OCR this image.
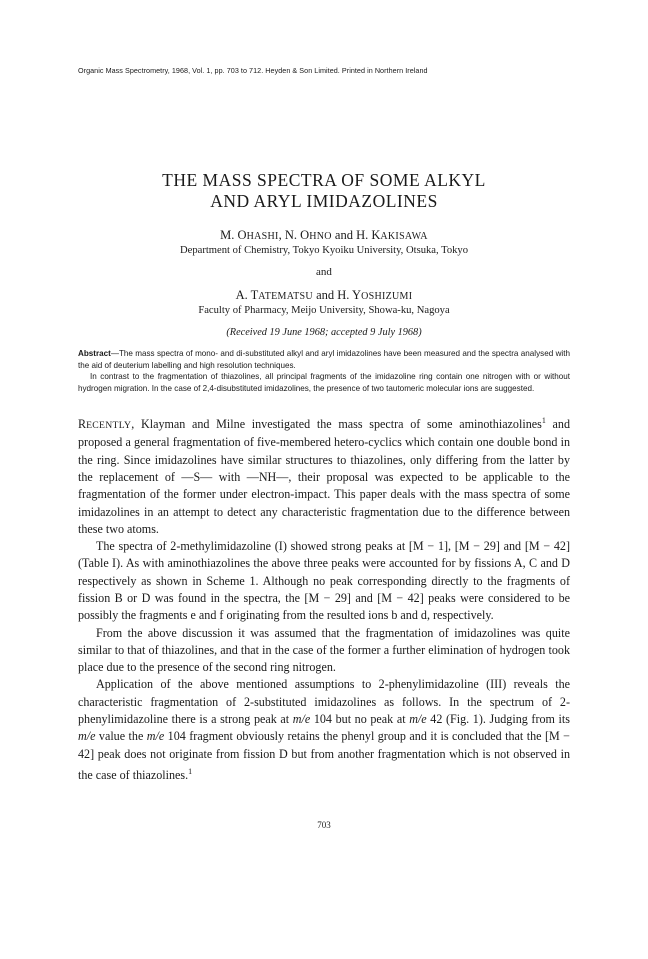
Organic Mass Spectrometry, 1968, Vol. 1, pp. 703 to 712. Heyden & Son Limited. Printed in Northern Ireland
THE MASS SPECTRA OF SOME ALKYL
AND ARYL IMIDAZOLINES
M. OHASHI, N. OHNO and H. KAKISAWA
Department of Chemistry, Tokyo Kyoiku University, Otsuka, Tokyo
and
A. TATEMATSU and H. YOSHIZUMI
Faculty of Pharmacy, Meijo University, Showa-ku, Nagoya
(Received 19 June 1968; accepted 9 July 1968)

Abstract—The mass spectra of mono- and di-substituted alkyl and aryl imidazolines have been measured and the spectra analysed with the aid of deuterium labelling and high resolution techniques.

In contrast to the fragmentation of thiazolines, all principal fragments of the imidazoline ring contain one nitrogen with or without hydrogen migration. In the case of 2,4-disubstituted imidazolines, the presence of two tautomeric molecular ions are suggested.

RECENTLY, Klayman and Milne investigated the mass spectra of some aminothiazolines$^1$ and proposed a general fragmentation of five-membered hetero-cyclics which contain one double bond in the ring. Since imidazolines have similar structures to thiazolines, only differing from the latter by the replacement of —S— with —NH—, their proposal was expected to be applicable to the fragmentation of the former under electron-impact. This paper deals with the mass spectra of some imidazolines in an attempt to detect any characteristic fragmentation due to the difference between these two atoms.

The spectra of 2-methylimidazoline (I) showed strong peaks at [M − 1], [M − 29] and [M − 42] (Table I). As with aminothiazolines the above three peaks were accounted for by fissions A, C and D respectively as shown in Scheme 1. Although no peak corresponding directly to the fragments of fission B or D was found in the spectra, the [M − 29] and [M − 42] peaks were considered to be possibly the fragments e and f originating from the resulted ions b and d, respectively.

From the above discussion it was assumed that the fragmentation of imidazolines was quite similar to that of thiazolines, and that in the case of the former a further elimination of hydrogen took place due to the presence of the second ring nitrogen.

Application of the above mentioned assumptions to 2-phenylimidazoline (III) reveals the characteristic fragmentation of 2-substituted imidazolines as follows. In the spectrum of 2-phenylimidazoline there is a strong peak at m/e 104 but no peak at m/e 42 (Fig. 1). Judging from its m/e value the m/e 104 fragment obviously retains the phenyl group and it is concluded that the [M − 42] peak does not originate from fission D but from another fragmentation which is not observed in the case of thiazolines.$^1$

703
